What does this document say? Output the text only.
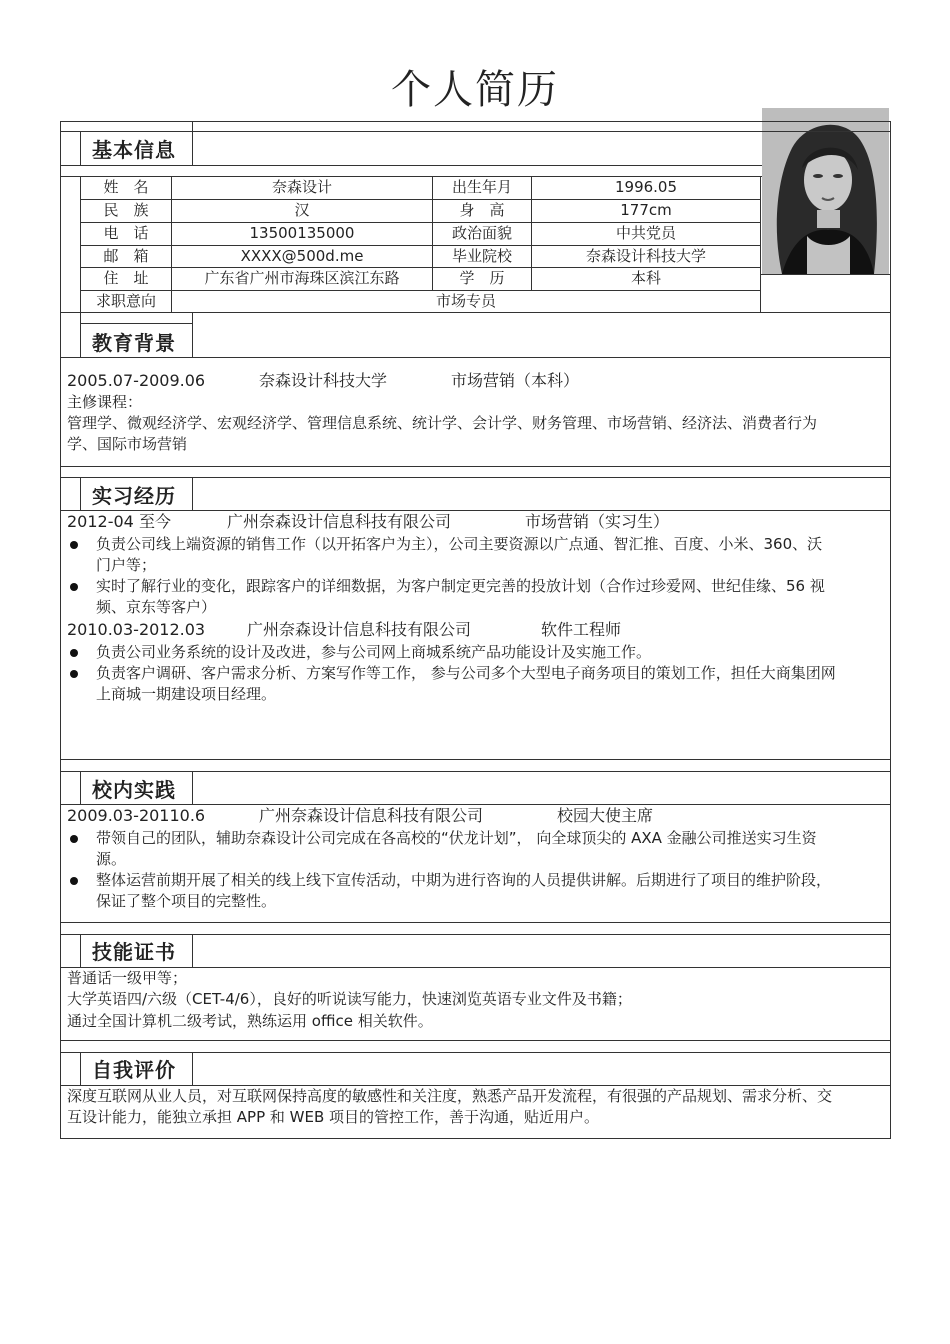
个人简历
基本信息
姓　名	奈森设计	出生年月	1996.05
民　族	汉	身　高	177cm
电　话	13500135000	政治面貌	中共党员
邮　箱	XXXX@500d.me	毕业院校	奈森设计科技大学
住　址	广东省广州市海珠区滨江东路	学　历	本科
求职意向	市场专员
教育背景
2005.07-2009.06	奈森设计科技大学	市场营销（本科）
主修课程：
管理学、微观经济学、宏观经济学、管理信息系统、统计学、会计学、财务管理、市场营销、经济法、消费者行为
学、国际市场营销
实习经历
2012-04 至今	广州奈森设计信息科技有限公司	市场营销（实习生）
负责公司线上端资源的销售工作（以开拓客户为主），公司主要资源以广点通、智汇推、百度、小米、360、沃
门户等；
实时了解行业的变化，跟踪客户的详细数据，为客户制定更完善的投放计划（合作过珍爱网、世纪佳缘、56 视
频、京东等客户）
2010.03-2012.03	广州奈森设计信息科技有限公司	软件工程师
负责公司业务系统的设计及改进，参与公司网上商城系统产品功能设计及实施工作。
负责客户调研、客户需求分析、方案写作等工作， 参与公司多个大型电子商务项目的策划工作，担任大商集团网
上商城一期建设项目经理。
校内实践
2009.03-20110.6	广州奈森设计信息科技有限公司	校园大使主席
带领自己的团队，辅助奈森设计公司完成在各高校的“伏龙计划”， 向全球顶尖的 AXA 金融公司推送实习生资
源。
整体运营前期开展了相关的线上线下宣传活动，中期为进行咨询的人员提供讲解。后期进行了项目的维护阶段，
保证了整个项目的完整性。
技能证书
普通话一级甲等；
大学英语四/六级（CET-4/6），良好的听说读写能力，快速浏览英语专业文件及书籍；
通过全国计算机二级考试，熟练运用 office 相关软件。
自我评价
深度互联网从业人员，对互联网保持高度的敏感性和关注度，熟悉产品开发流程，有很强的产品规划、需求分析、交
互设计能力，能独立承担 APP 和 WEB 项目的管控工作，善于沟通，贴近用户。
